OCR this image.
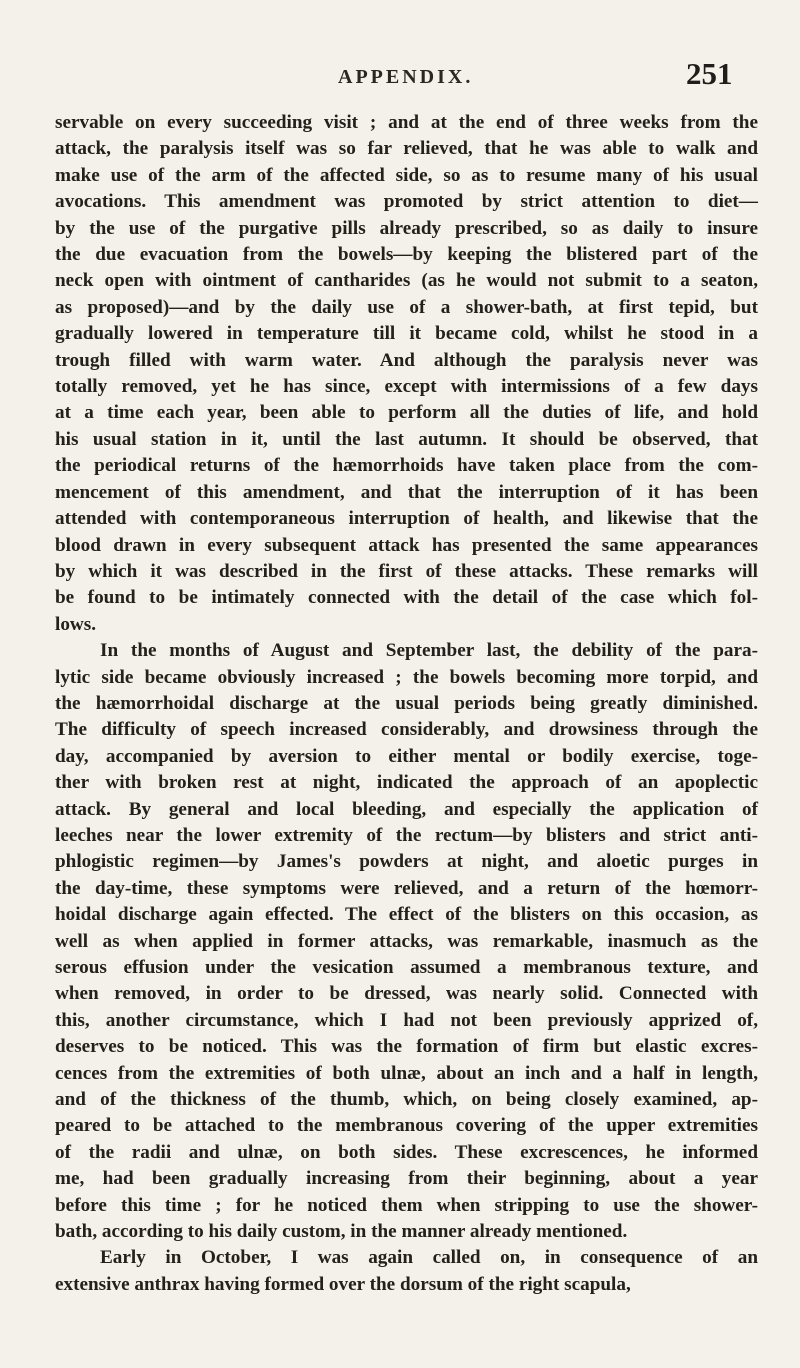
APPENDIX.	251
servable on every succeeding visit ; and at the end of three weeks from the
attack, the paralysis itself was so far relieved, that he was able to walk and
make use of the arm of the affected side, so as to resume many of his usual
avocations. This amendment was promoted by strict attention to diet—
by the use of the purgative pills already prescribed, so as daily to insure
the due evacuation from the bowels—by keeping the blistered part of the
neck open with ointment of cantharides (as he would not submit to a seaton,
as proposed)—and by the daily use of a shower-bath, at first tepid, but
gradually lowered in temperature till it became cold, whilst he stood in a
trough filled with warm water. And although the paralysis never was
totally removed, yet he has since, except with intermissions of a few days
at a time each year, been able to perform all the duties of life, and hold
his usual station in it, until the last autumn. It should be observed, that
the periodical returns of the hæmorrhoids have taken place from the com-
mencement of this amendment, and that the interruption of it has been
attended with contemporaneous interruption of health, and likewise that the
blood drawn in every subsequent attack has presented the same appearances
by which it was described in the first of these attacks. These remarks will
be found to be intimately connected with the detail of the case which fol-
lows.
In the months of August and September last, the debility of the para-
lytic side became obviously increased ; the bowels becoming more torpid, and
the hæmorrhoidal discharge at the usual periods being greatly diminished.
The difficulty of speech increased considerably, and drowsiness through the
day, accompanied by aversion to either mental or bodily exercise, toge-
ther with broken rest at night, indicated the approach of an apoplectic
attack. By general and local bleeding, and especially the application of
leeches near the lower extremity of the rectum—by blisters and strict anti-
phlogistic regimen—by James's powders at night, and aloetic purges in
the day-time, these symptoms were relieved, and a return of the hœmorr-
hoidal discharge again effected. The effect of the blisters on this occasion, as
well as when applied in former attacks, was remarkable, inasmuch as the
serous effusion under the vesication assumed a membranous texture, and
when removed, in order to be dressed, was nearly solid. Connected with
this, another circumstance, which I had not been previously apprized of,
deserves to be noticed. This was the formation of firm but elastic excres-
cences from the extremities of both ulnæ, about an inch and a half in length,
and of the thickness of the thumb, which, on being closely examined, ap-
peared to be attached to the membranous covering of the upper extremities
of the radii and ulnæ, on both sides. These excrescences, he informed
me, had been gradually increasing from their beginning, about a year
before this time ; for he noticed them when stripping to use the shower-
bath, according to his daily custom, in the manner already mentioned.
Early in October, I was again called on, in consequence of an
extensive anthrax having formed over the dorsum of the right scapula,
